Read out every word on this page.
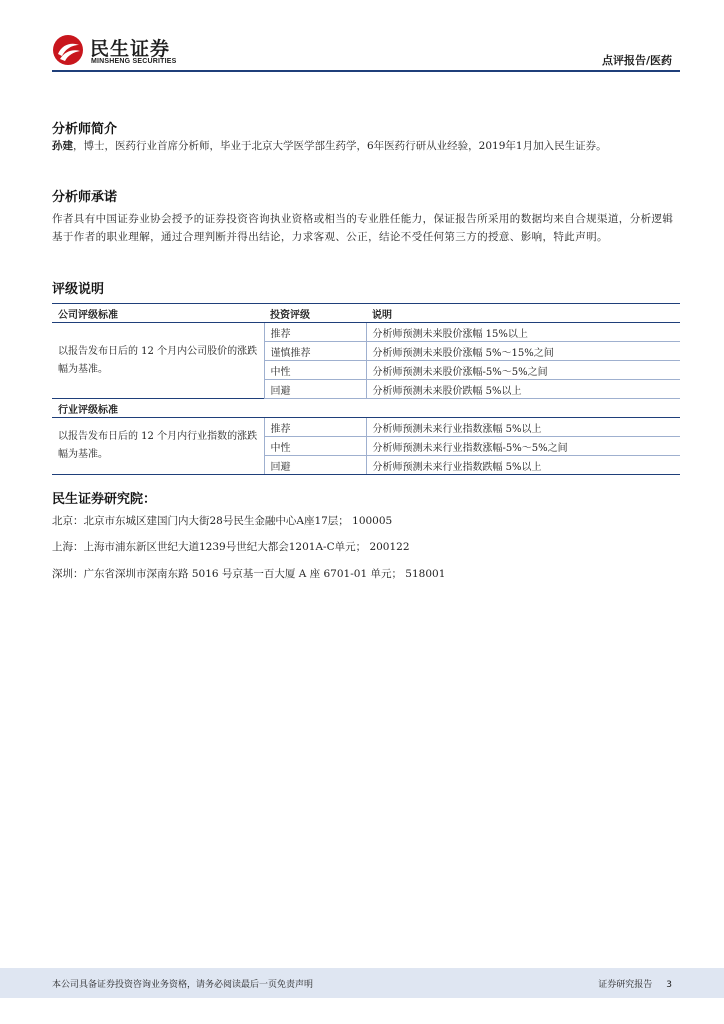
民生证券
MINSHENG SECURITIES	点评报告/医药
分析师简介
孙建，博士，医药行业首席分析师，毕业于北京大学医学部生药学，6年医药行研从业经验，2019年1月加入民生证券。
分析师承诺
作者具有中国证券业协会授予的证券投资咨询执业资格或相当的专业胜任能力，保证报告所采用的数据均来自合规渠道，分析逻辑基于作者的职业理解，通过合理判断并得出结论，力求客观、公正，结论不受任何第三方的授意、影响，特此声明。
评级说明
公司评级标准	投资评级	说明
以报告发布日后的 12 个月内公司股价的涨跌幅为基准。	推荐	分析师预测未来股价涨幅 15%以上
	谨慎推荐	分析师预测未来股价涨幅 5%～15%之间
	中性	分析师预测未来股价涨幅-5%～5%之间
	回避	分析师预测未来股价跌幅 5%以上
行业评级标准		
以报告发布日后的 12 个月内行业指数的涨跌幅为基准。	推荐	分析师预测未来行业指数涨幅 5%以上
	中性	分析师预测未来行业指数涨幅-5%～5%之间
	回避	分析师预测未来行业指数跌幅 5%以上
民生证券研究院：
北京：北京市东城区建国门内大街28号民生金融中心A座17层； 100005
上海：上海市浦东新区世纪大道1239号世纪大都会1201A-C单元； 200122
深圳：广东省深圳市深南东路 5016 号京基一百大厦 A 座 6701-01 单元； 518001
本公司具备证券投资咨询业务资格，请务必阅读最后一页免责声明	证券研究报告 3
